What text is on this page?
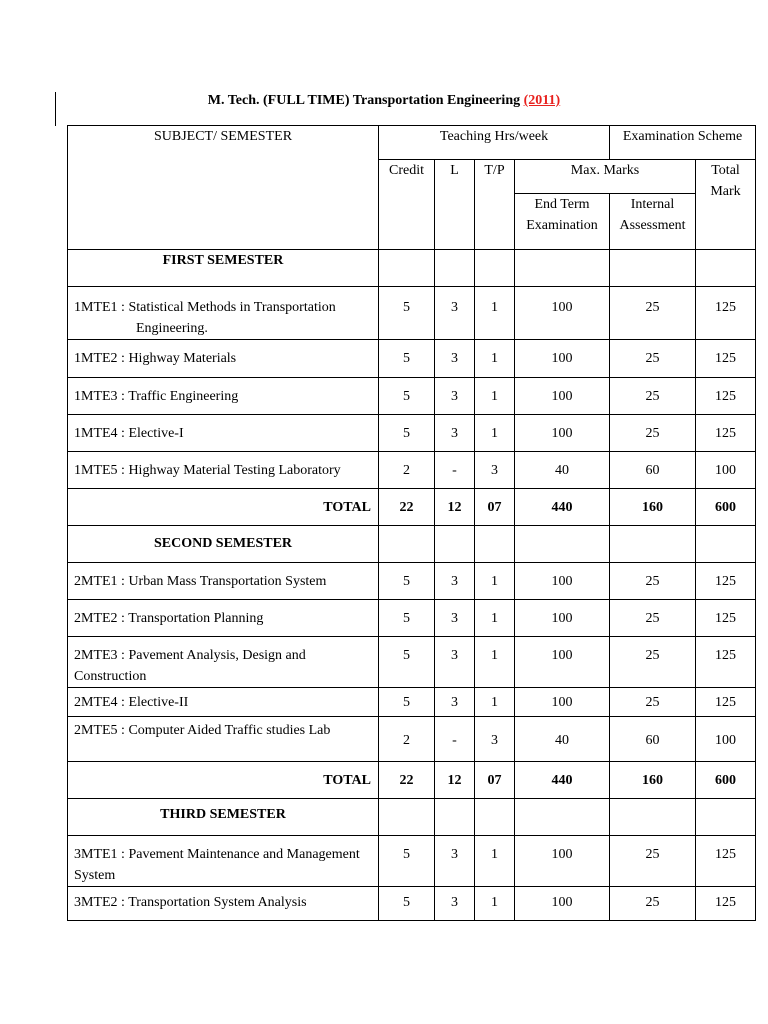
M. Tech. (FULL TIME) Transportation Engineering (2011)
SUBJECT/ SEMESTER	Teaching Hrs/week				Examination Scheme	
	Credit	L	T/P	Max. Marks		Total Mark
				End Term Examination	Internal Assessment	
FIRST SEMESTER						
1MTE1 : Statistical Methods in Transportation
Engineering.	5	3	1	100	25	125
1MTE2 : Highway Materials	5	3	1	100	25	125
1MTE3 : Traffic Engineering	5	3	1	100	25	125
1MTE4 : Elective-I	5	3	1	100	25	125
1MTE5 : Highway Material Testing Laboratory	2	-	3	40	60	100
TOTAL	22	12	07	440	160	600
SECOND SEMESTER						
2MTE1 : Urban Mass Transportation System	5	3	1	100	25	125
2MTE2 : Transportation Planning	5	3	1	100	25	125
2MTE3 : Pavement Analysis, Design and Construction	5	3	1	100	25	125
2MTE4 : Elective-II	5	3	1	100	25	125
2MTE5 : Computer Aided Traffic studies Lab	2	-	3	40	60	100
TOTAL	22	12	07	440	160	600
THIRD SEMESTER						
3MTE1 : Pavement Maintenance and Management System	5	3	1	100	25	125
3MTE2 : Transportation System Analysis	5	3	1	100	25	125
